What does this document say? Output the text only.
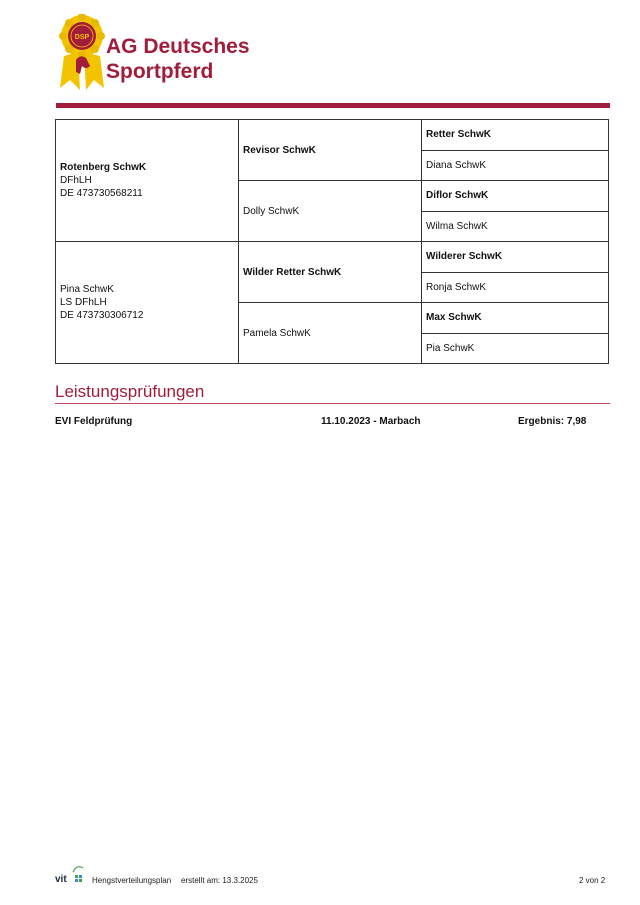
DSP AG Deutsches
Sportpferd
Rotenberg SchwK
DFhLH
DE 473730568211	Revisor SchwK	Retter SchwK
		Diana SchwK
	Dolly SchwK	Diflor SchwK
		Wilma SchwK

Pina SchwK
LS DFhLH
DE 473730306712	Wilder Retter SchwK	Wilderer SchwK
		Ronja SchwK
	Pamela SchwK	Max SchwK
		Pia SchwK
Leistungsprüfungen
EVI Feldprüfung	11.10.2023 - Marbach	Ergebnis: 7,98
vit	Hengstverteilungsplan erstellt am: 13.3.2025	2 von 2
